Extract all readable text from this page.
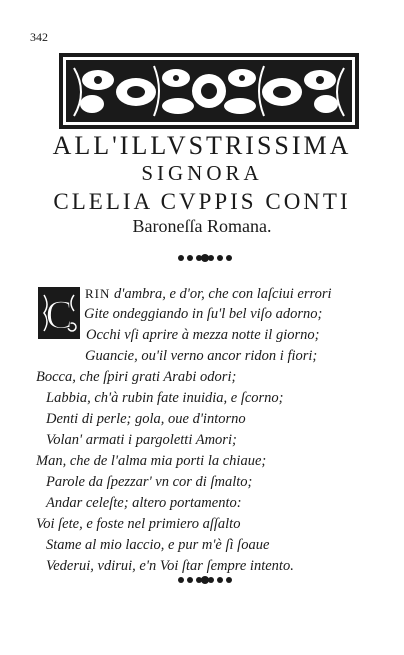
342
ALL'ILLVSTRISSIMA
SIGNORA
CLELIA CVPPIS CONTI
Baroneſſa Romana.
C RIN d'ambra, e d'or, che con laſciui errori
Gite ondeggiando in ſu'l bel viſo adorno;
Occhi vſi aprire à mezza notte il giorno;
Guancie, ou'il verno ancor ridon i fiori;
Bocca, che ſpiri grati Arabi odori;
Labbia, ch'à rubin fate inuidia, e ſcorno;
Denti di perle; gola, oue d'intorno
Volan' armati i pargoletti Amori;
Man, che de l'alma mia porti la chiaue;
Parole da ſpezzar' vn cor di ſmalto;
Andar celeſte; altero portamento:
Voi ſete, e foste nel primiero aſſalto
Stame al mio laccio, e pur m'è ſì ſoaue
Vederui, vdirui, e'n Voi ſtar ſempre intento.
